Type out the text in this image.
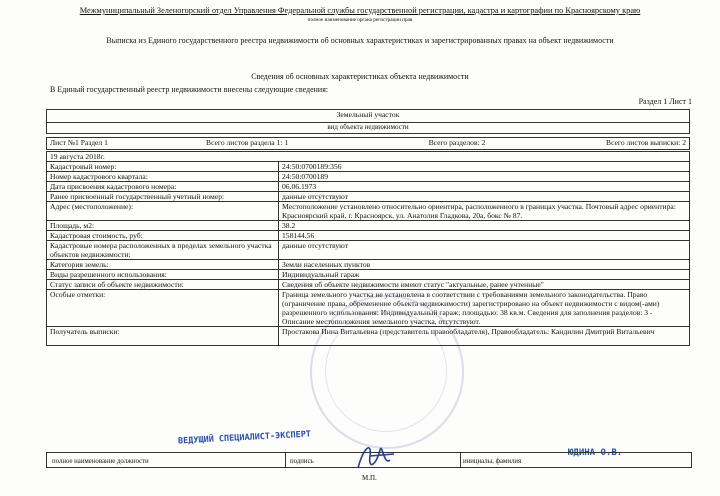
Межмуниципальный Зеленогорский отдел Управления Федеральной службы государственной регистрации, кадастра и картографии по Красноярскому краю
полное наименование органа регистрации прав
Выписка из Единого государственного реестра недвижимости об основных характеристиках и зарегистрированных правах на объект недвижимости
Сведения об основных характеристиках объекта недвижимости
В Единый государственный реестр недвижимости внесены следующие сведения:
Раздел 1 Лист 1
Земельный участок
вид объекта недвижимости
Лист №1 Раздел 1	Всего листов раздела 1: 1	Всего разделов: 2	Всего листов выписки: 2
19 августа 2018г.	
Кадастровый номер:	24:50:0700189:356
Номер кадастрового квартала:	24:50:0700189
Дата присвоения кадастрового номера:	06.06.1973
Ранее присвоенный государственный учетный номер:	данные отсутствуют
Адрес (местоположение):	Местоположение установлено относительно ориентира, расположенного в границах участка. Почтовый адрес ориентира: Красноярский край, г. Красноярск, ул. Анатолия Гладкова, 20а, бокс № 87.
Площадь, м2:	38.2
Кадастровая стоимость, руб:	158144.56
Кадастровые номера расположенных в пределах земельного участка объектов недвижимости:	данные отсутствуют
Категория земель:	Земли населенных пунктов
Виды разрешенного использования:	Индивидуальный гараж
Статус записи об объекте недвижимости:	Сведения об объекте недвижимости имеют статус "актуальные, ранее учтенные"
Особые отметки:	Граница земельного участка не установлена в соответствии с требованиями земельного законодательства. Право (ограничение права, обременение объекта недвижимости) зарегистрировано на объект недвижимости с видом(-ами) разрешенного использования: Индивидуальный гараж; площадью: 38 кв.м. Сведения для заполнения разделов: 3 - Описание местоположения земельного участка, отсутствуют.
Получатель выписки:	Простакова Инна Витальевна (представитель правообладателя), Правообладатель: Кандилин Дмитрий Витальевич
ВЕДУЩИЙ СПЕЦИАЛИСТ-ЭКСПЕРТ
ЮДИНА О.В.
полное наименование должности	подпись	инициалы, фамилия
М.П.
